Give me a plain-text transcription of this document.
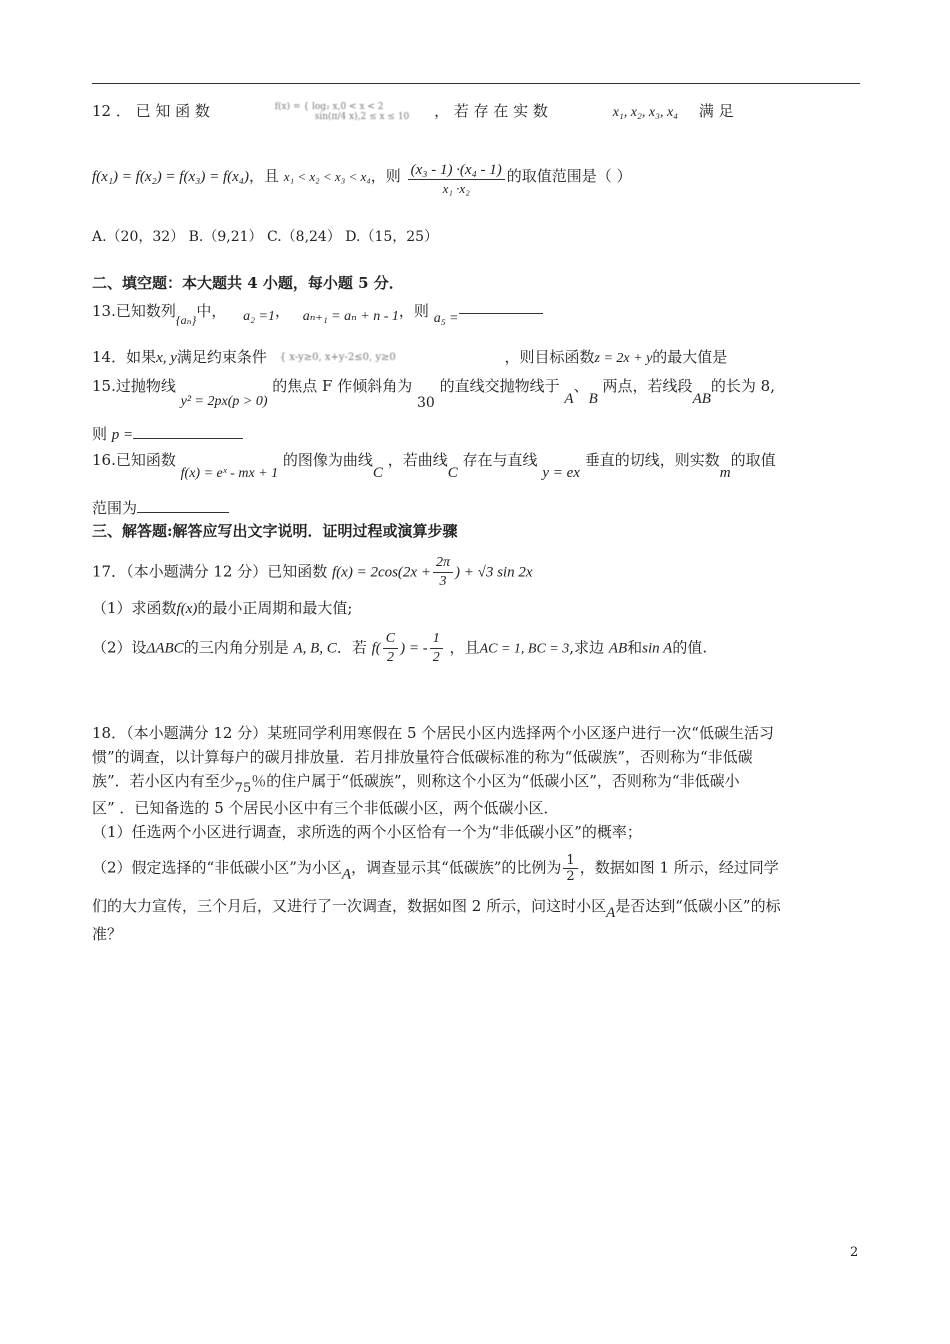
12 ． 已 知 函 数	f(x) = { log₂ x,0 < x < 2
sin(π/4 x),2 ≤ x ≤ 10 ， 若 存 在 实 数	x₁, x₂, x₃, x₄ 满 足
f(x₁) = f(x₂) = f(x₃) = f(x₄)，且 x₁ < x₂ < x₃ < x₄，则 $\frac{\text{(x₃ - 1) ·(x₄ - 1)}}{\text{x₁ ·x₂}}$ 的取值范围是（ ）
A.（20，32） B.（9,21） C.（8,24） D.（15，25）
二、填空题：本大题共 4 小题，每小题 5 分．
13.已知数列$_{\{a_n\}}$中， a₂ =1， aₙ₊₁ = aₙ + n - 1，则 a₅ =
14．如果x, y满足约束条件 { x-y≥0, x+y-2≤0, y≥0	，则目标函数z = 2x + y的最大值是
15.过抛物线 y² = 2px(p > 0) 的焦点 F 作倾斜角为 30 的直线交抛物线于 A、B 两点，若线段AB的长为 8,
则 p =
16.已知函数 f(x) = eˣ - mx + 1 的图像为曲线C ，若曲线C 存在与直线 y = ex 垂直的切线，则实数m的取值
范围为
三、解答题:解答应写出文字说明．证明过程或演算步骤
17．（本小题满分 12 分）已知函数 $f(x) = 2\cos(2x + \frac{2\pi}{3}$ ) + √3 sin 2x
（1）求函数f(x)的最小正周期和最大值;
（2）设ΔABC的三内角分别是 A, B, C．若 $f( \frac{C}{2}$ ) = - $\frac{1}{2}$ ，且AC = 1, BC = 3,求边 AB和sin A的值.
18．（本小题满分 12 分）某班同学利用寒假在 5 个居民小区内选择两个小区逐户进行一次“低碳生活习
惯”的调查，以计算每户的碳月排放量．若月排放量符合低碳标准的称为“低碳族”，否则称为“非低碳
族”．若小区内有至少75％的住户属于“低碳族”，则称这个小区为“低碳小区”，否则称为“非低碳小
区” ．已知备选的 5 个居民小区中有三个非低碳小区，两个低碳小区．
（1）任选两个小区进行调查，求所选的两个小区恰有一个为“非低碳小区”的概率；
（2）假定选择的“非低碳小区”为小区A，调查显示其“低碳族”的比例为 $\frac{1}{2}$ ，数据如图 1 所示，经过同学
们的大力宣传，三个月后，又进行了一次调查，数据如图 2 所示，问这时小区A是否达到“低碳小区”的标
准？
2
